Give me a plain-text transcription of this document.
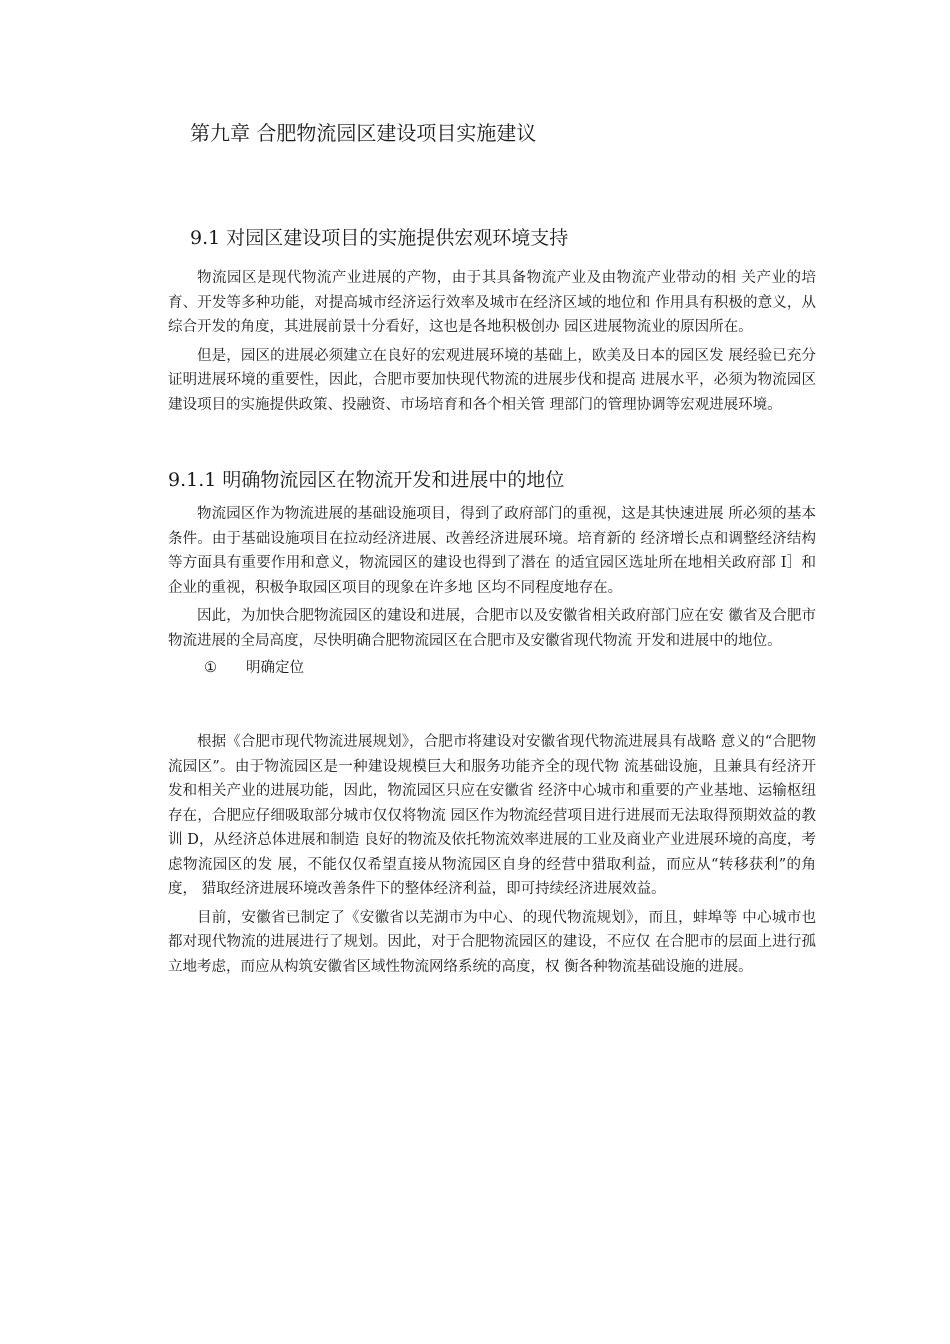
第九章 合肥物流园区建设项目实施建议
9.1 对园区建设项目的实施提供宏观环境支持

物流园区是现代物流产业进展的产物，由于其具备物流产业及由物流产业带动的相 关产业的培育、开发等多种功能，对提高城市经济运行效率及城市在经济区域的地位和 作用具有积极的意义，从综合开发的角度，其进展前景十分看好，这也是各地积极创办 园区进展物流业的原因所在。

但是，园区的进展必须建立在良好的宏观进展环境的基础上，欧美及日本的园区发 展经验已充分证明进展环境的重要性，因此，合肥市要加快现代物流的进展步伐和提高 进展水平，必须为物流园区建设项目的实施提供政策、投融资、市场培育和各个相关管 理部门的管理协调等宏观进展环境。

9.1.1 明确物流园区在物流开发和进展中的地位

物流园区作为物流进展的基础设施项目，得到了政府部门的重视，这是其快速进展 所必须的基本条件。由于基础设施项目在拉动经济进展、改善经济进展环境。培育新的 经济增长点和调整经济结构等方面具有重要作用和意义，物流园区的建设也得到了潜在 的适宜园区选址所在地相关政府部 I］和企业的重视，积极争取园区项目的现象在许多地 区均不同程度地存在。

因此，为加快合肥物流园区的建设和进展，合肥市以及安徽省相关政府部门应在安 徽省及合肥市物流进展的全局高度，尽快明确合肥物流园区在合肥市及安徽省现代物流 开发和进展中的地位。

① 明确定位

根据《合肥市现代物流进展规划》，合肥市将建设对安徽省现代物流进展具有战略 意义的“合肥物流园区”。由于物流园区是一种建设规模巨大和服务功能齐全的现代物 流基础设施，且兼具有经济开发和相关产业的进展功能，因此，物流园区只应在安徽省 经济中心城市和重要的产业基地、运输枢纽存在，合肥应仔细吸取部分城市仅仅将物流 园区作为物流经营项目进行进展而无法取得预期效益的教训 D，从经济总体进展和制造 良好的物流及依托物流效率进展的工业及商业产业进展环境的高度，考虑物流园区的发 展，不能仅仅希望直接从物流园区自身的经营中猎取利益，而应从“转移获利”的角度， 猎取经济进展环境改善条件下的整体经济利益，即可持续经济进展效益。

目前，安徽省已制定了《安徽省以芜湖市为中心、的现代物流规划》，而且，蚌埠等 中心城市也都对现代物流的进展进行了规划。因此，对于合肥物流园区的建设，不应仅 在合肥市的层面上进行孤立地考虑，而应从构筑安徽省区域性物流网络系统的高度，权 衡各种物流基础设施的进展。
